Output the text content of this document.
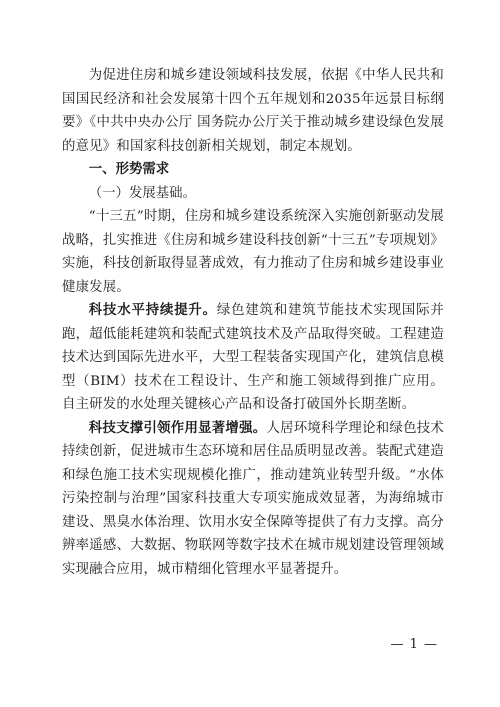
为促进住房和城乡建设领域科技发展，依据《中华人民共和国国民经济和社会发展第十四个五年规划和2035年远景目标纲要》《中共中央办公厅 国务院办公厅关于推动城乡建设绿色发展的意见》和国家科技创新相关规划，制定本规划。

一、形势需求
（一）发展基础。

“十三五”时期，住房和城乡建设系统深入实施创新驱动发展战略，扎实推进《住房和城乡建设科技创新“十三五”专项规划》实施，科技创新取得显著成效，有力推动了住房和城乡建设事业健康发展。

科技水平持续提升。绿色建筑和建筑节能技术实现国际并跑，超低能耗建筑和装配式建筑技术及产品取得突破。工程建造技术达到国际先进水平，大型工程装备实现国产化，建筑信息模型（BIM）技术在工程设计、生产和施工领域得到推广应用。自主研发的水处理关键核心产品和设备打破国外长期垄断。

科技支撑引领作用显著增强。人居环境科学理论和绿色技术持续创新，促进城市生态环境和居住品质明显改善。装配式建造和绿色施工技术实现规模化推广，推动建筑业转型升级。“水体污染控制与治理”国家科技重大专项实施成效显著，为海绵城市建设、黑臭水体治理、饮用水安全保障等提供了有力支撑。高分辨率遥感、大数据、物联网等数字技术在城市规划建设管理领域实现融合应用，城市精细化管理水平显著提升。

— 1 —
